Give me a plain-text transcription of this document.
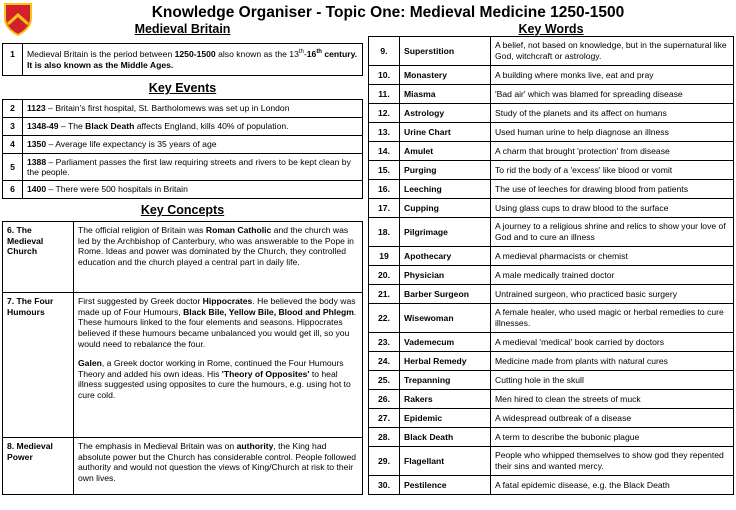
Knowledge Organiser - Topic One: Medieval Medicine 1250-1500
Medieval Britain
1	Medieval Britain is the period between 1250-1500 also known as the 13th-16th century. It is also known as the Middle Ages.
Key Events
2	1123 – Britain's first hospital, St. Bartholomews was set up in London
3	1348-49 – The Black Death affects England, kills 40% of population.
4	1350 – Average life expectancy is 35 years of age
5	1388 – Parliament passes the first law requiring streets and rivers to be kept clean by the people.
6	1400 – There were 500 hospitals in Britain
Key Concepts
6. The Medieval Church	The official religion of Britain was Roman Catholic and the church was led by the Archbishop of Canterbury, who was answerable to the Pope in Rome. Ideas and power was dominated by the Church, they controlled education and the church played a central part in daily life.
7. The Four Humours	First suggested by Greek doctor Hippocrates. He believed the body was made up of Four Humours, Black Bile, Yellow Bile, Blood and Phlegm. These humours linked to the four elements and seasons. Hippocrates believed if these humours became unbalanced you would get ill, so you would need to rebalance the four.

Galen, a Greek doctor working in Rome, continued the Four Humours Theory and added his own ideas. His 'Theory of Opposites' to heal illness suggested using opposites to cure the humours, e.g. using hot to cure cold.

8. Medieval Power	The emphasis in Medieval Britain was on authority, the King had absolute power but the Church has considerable control. People followed authority and would not question the views of King/Church at risk to their own lives.
Key Words
9.	Superstition	A belief, not based on knowledge, but in the supernatural like God, witchcraft or astrology.
10.	Monastery	A building where monks live, eat and pray
11.	Miasma	'Bad air' which was blamed for spreading disease
12.	Astrology	Study of the planets and its affect on humans
13.	Urine Chart	Used human urine to help diagnose an illness
14.	Amulet	A charm that brought 'protection' from disease
15.	Purging	To rid the body of a 'excess' like blood or vomit
16.	Leeching	The use of leeches for drawing blood from patients
17.	Cupping	Using glass cups to draw blood to the surface
18.	Pilgrimage	A journey to a religious shrine and relics to show your love of God and to cure an illness
19	Apothecary	A medieval pharmacists or chemist
20.	Physician	A male medically trained doctor
21.	Barber Surgeon	Untrained surgeon, who practiced basic surgery
22.	Wisewoman	A female healer, who used magic or herbal remedies to cure illnesses.
23.	Vademecum	A medieval 'medical' book carried by doctors
24.	Herbal Remedy	Medicine made from plants with natural cures
25.	Trepanning	Cutting hole in the skull
26.	Rakers	Men hired to clean the streets of muck
27.	Epidemic	A widespread outbreak of a disease
28.	Black Death	A term to describe the bubonic plague
29.	Flagellant	People who whipped themselves to show god they repented their sins and wanted mercy.
30.	Pestilence	A fatal epidemic disease, e.g. the Black Death
